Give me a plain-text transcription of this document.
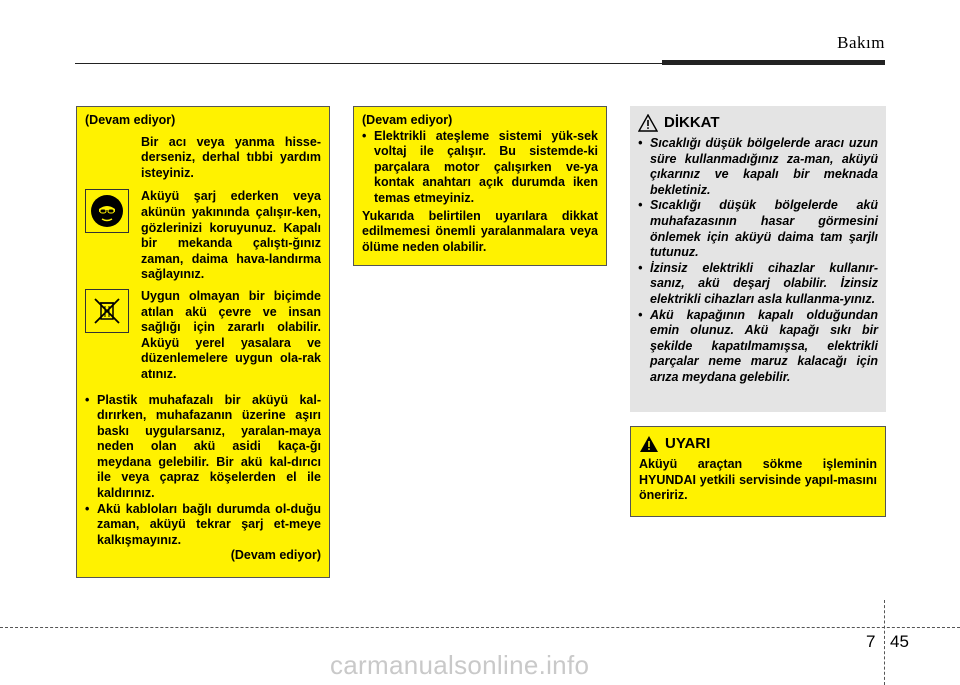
Bakım
(Devam ediyor)
Bir acı veya yanma hisse-derseniz, derhal tıbbi yardım isteyiniz.
Aküyü şarj ederken veya akünün yakınında çalışır-ken, gözlerinizi koruyunuz. Kapalı bir mekanda çalıştı-ğınız zaman, daima hava-landırma sağlayınız.
Uygun olmayan bir biçimde atılan akü çevre ve insan sağlığı için zararlı olabilir. Aküyü yerel yasalara ve düzenlemelere uygun ola-rak atınız.
• Plastik muhafazalı bir aküyü kal-dırırken, muhafazanın üzerine aşırı baskı uygularsanız, yaralan-maya neden olan akü asidi kaça-ğı meydana gelebilir. Bir akü kal-dırıcı ile veya çapraz köşelerden el ile kaldırınız.
• Akü kabloları bağlı durumda ol-duğu zaman, aküyü tekrar şarj et-meye kalkışmayınız.
(Devam ediyor)
(Devam ediyor)
• Elektrikli ateşleme sistemi yük-sek voltaj ile çalışır. Bu sistemde-ki parçalara motor çalışırken ve-ya kontak anahtarı açık durumda iken temas etmeyiniz.
Yukarıda belirtilen uyarılara dikkat edilmemesi önemli yaralanmalara veya ölüme neden olabilir.
DİKKAT
• Sıcaklığı düşük bölgelerde aracı uzun süre kullanmadığınız za-man, aküyü çıkarınız ve kapalı bir meknada bekletiniz.
• Sıcaklığı düşük bölgelerde akü muhafazasının hasar görmesini önlemek için aküyü daima tam şarjlı tutunuz.
• İzinsiz elektrikli cihazlar kullanır-sanız, akü deşarj olabilir. İzinsiz elektrikli cihazları asla kullanma-yınız.
• Akü kapağının kapalı olduğundan emin olunuz. Akü kapağı sıkı bir şekilde kapatılmamışsa, elektrikli parçalar neme maruz kalacağı için arıza meydana gelebilir.
UYARI
Aküyü araçtan sökme işleminin HYUNDAI yetkili servisinde yapıl-masını öneririz.
7 45
carmanualsonline.info
